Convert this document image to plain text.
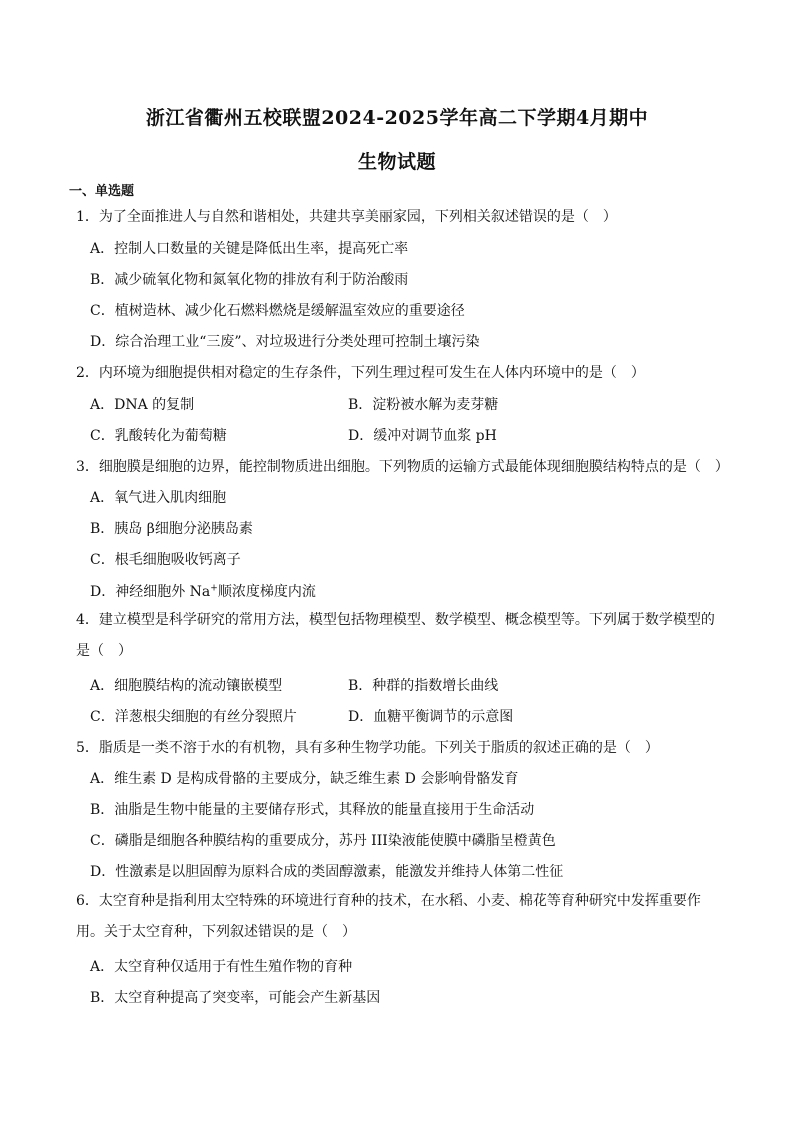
浙江省衢州五校联盟2024-2025学年高二下学期4月期中
生物试题
一、单选题
1．为了全面推进人与自然和谐相处，共建共享美丽家园，下列相关叙述错误的是（　）
A．控制人口数量的关键是降低出生率，提高死亡率
B．减少硫氧化物和氮氧化物的排放有利于防治酸雨
C．植树造林、减少化石燃料燃烧是缓解温室效应的重要途径
D．综合治理工业“三废”、对垃圾进行分类处理可控制土壤污染
2．内环境为细胞提供相对稳定的生存条件，下列生理过程可发生在人体内环境中的是（　）
A．DNA 的复制	B．淀粉被水解为麦芽糖
C．乳酸转化为葡萄糖	D．缓冲对调节血浆 pH
3．细胞膜是细胞的边界，能控制物质进出细胞。下列物质的运输方式最能体现细胞膜结构特点的是（　）
A．氧气进入肌肉细胞
B．胰岛 β细胞分泌胰岛素
C．根毛细胞吸收钙离子
D．神经细胞外 Na+顺浓度梯度内流
4．建立模型是科学研究的常用方法，模型包括物理模型、数学模型、概念模型等。下列属于数学模型的是（　）
A．细胞膜结构的流动镶嵌模型	B．种群的指数增长曲线
C．洋葱根尖细胞的有丝分裂照片	D．血糖平衡调节的示意图
5．脂质是一类不溶于水的有机物，具有多种生物学功能。下列关于脂质的叙述正确的是（　）
A．维生素 D 是构成骨骼的主要成分，缺乏维生素 D 会影响骨骼发育
B．油脂是生物中能量的主要储存形式，其释放的能量直接用于生命活动
C．磷脂是细胞各种膜结构的重要成分，苏丹 III染液能使膜中磷脂呈橙黄色
D．性激素是以胆固醇为原料合成的类固醇激素，能激发并维持人体第二性征
6．太空育种是指利用太空特殊的环境进行育种的技术，在水稻、小麦、棉花等育种研究中发挥重要作用。关于太空育种，下列叙述错误的是（　）
A．太空育种仅适用于有性生殖作物的育种
B．太空育种提高了突变率，可能会产生新基因
